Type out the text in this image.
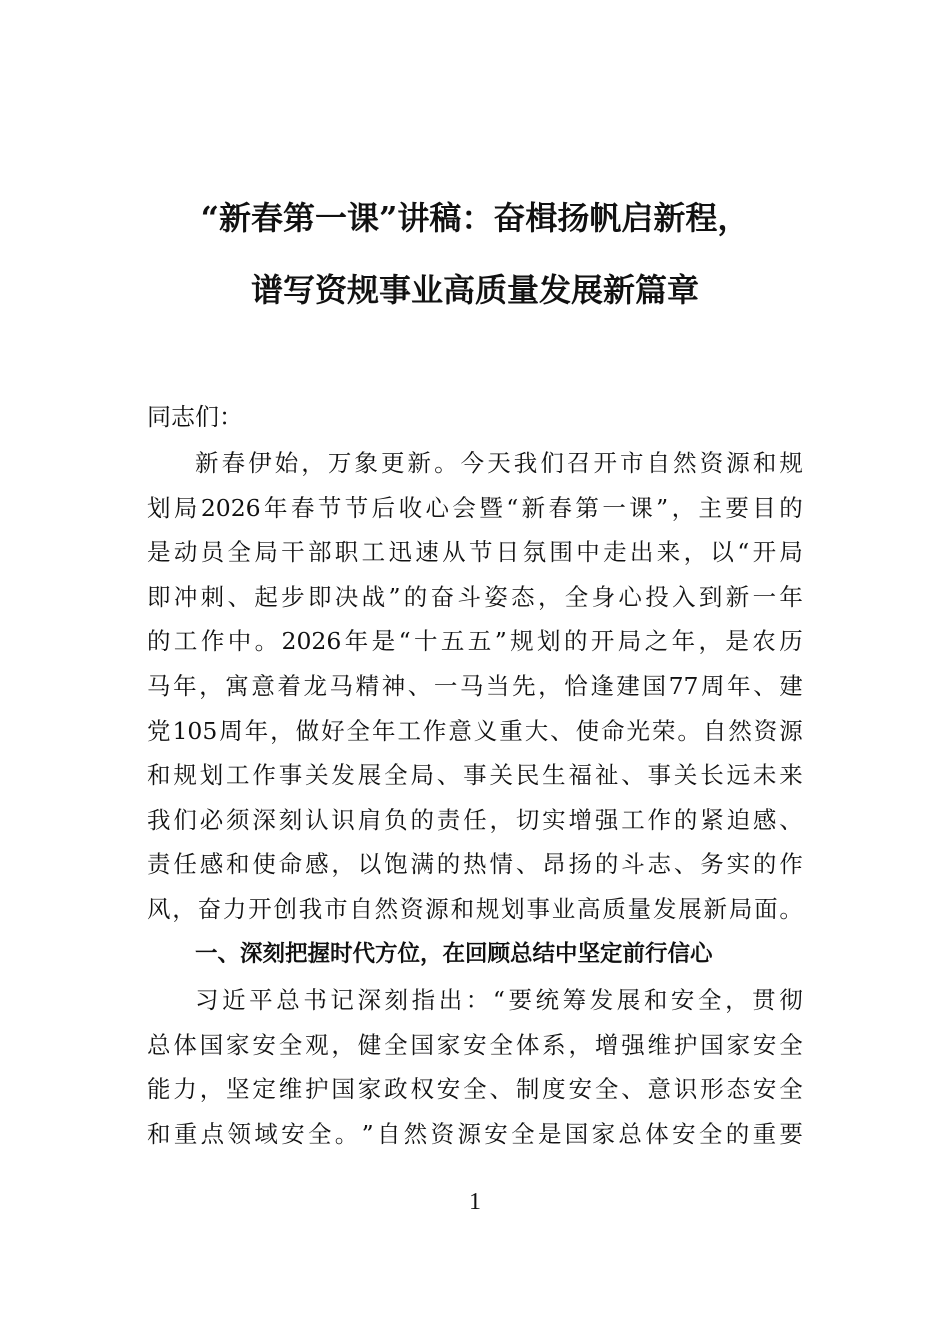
“新春第一课”讲稿：奋楫扬帆启新程，
谱写资规事业高质量发展新篇章
同志们：
新 春 伊 始 ， 万 象 更 新 。 今 天 我 们 召 开 市 自 然 资 源 和 规
划 局 2026 年 春 节 节 后 收 心 会 暨 “ 新 春 第 一 课 ” ， 主 要 目 的
是 动 员 全 局 干 部 职 工 迅 速 从 节 日 氛 围 中 走 出 来 ， 以 “ 开 局
即 冲 刺 、 起 步 即 决 战 ” 的 奋 斗 姿 态 ， 全 身 心 投 入 到 新 一 年
的 工 作 中 。 2026 年 是 “ 十 五 五 ” 规 划 的 开 局 之 年 ， 是 农 历
马 年 ， 寓 意 着 龙 马 精 神 、 一 马 当 先 ， 恰 逢 建 国 77 周 年 、 建
党 105 周 年 ， 做 好 全 年 工 作 意 义 重 大 、 使 命 光 荣 。 自 然 资 源
和 规 划 工 作 事 关 发 展 全 局 、 事 关 民 生 福 祉 、 事 关 长 远 未 来
我 们 必 须 深 刻 认 识 肩 负 的 责 任 ， 切 实 增 强 工 作 的 紧 迫 感 、
责 任 感 和 使 命 感 ， 以 饱 满 的 热 情 、 昂 扬 的 斗 志 、 务 实 的 作
风 ， 奋 力 开 创 我 市 自 然 资 源 和 规 划 事 业 高 质 量 发 展 新 局 面 。
一、深刻把握时代方位，在回顾总结中坚定前行信心
习 近 平 总 书 记 深 刻 指 出 ： “ 要 统 筹 发 展 和 安 全 ， 贯 彻
总 体 国 家 安 全 观 ， 健 全 国 家 安 全 体 系 ， 增 强 维 护 国 家 安 全
能 力 ， 坚 定 维 护 国 家 政 权 安 全 、 制 度 安 全 、 意 识 形 态 安 全
和 重 点 领 域 安 全 。 ” 自 然 资 源 安 全 是 国 家 总 体 安 全 的 重 要
1
